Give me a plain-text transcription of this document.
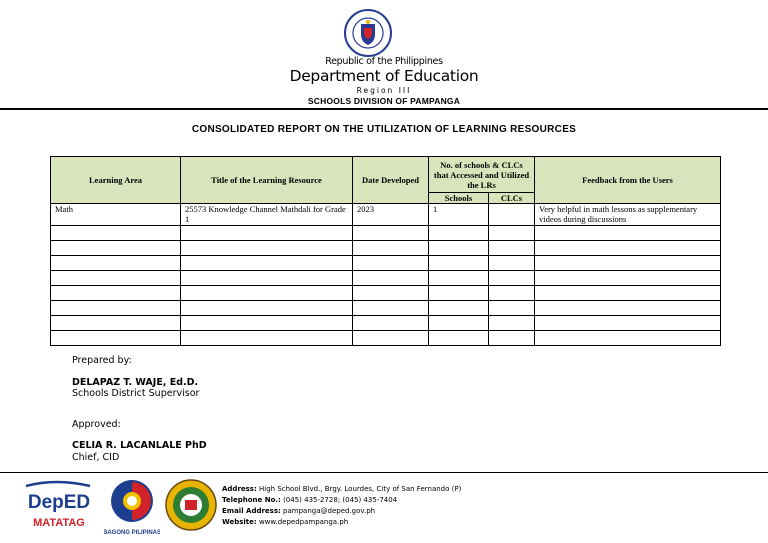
Republic of the Philippines
Department of Education
Region III
SCHOOLS DIVISION OF PAMPANGA
CONSOLIDATED REPORT ON THE UTILIZATION OF LEARNING RESOURCES
Learning Area	Title of the Learning Resource	Date Developed	No. of schools & CLCs that Accessed and Utilized the LRs		Feedback from the Users
			Schools	CLCs	
Math	25573 Knowledge Channel Mathdali for Grade 1	2023	1		Very helpful in math lessons as supplementary videos during discussions

Prepared by:
DELAPAZ T. WAJE, Ed.D.
Schools District Supervisor
Approved:
CELIA R. LACANLALE PhD
Chief, CID
DepED
MATATAG
BAGONG PILIPINAS
Address: High School Blvd., Brgy. Lourdes, City of San Fernando (P)
Telephone No.: (045) 435-2728; (045) 435-7404
Email Address: pampanga@deped.gov.ph
Website: www.depedpampanga.ph
